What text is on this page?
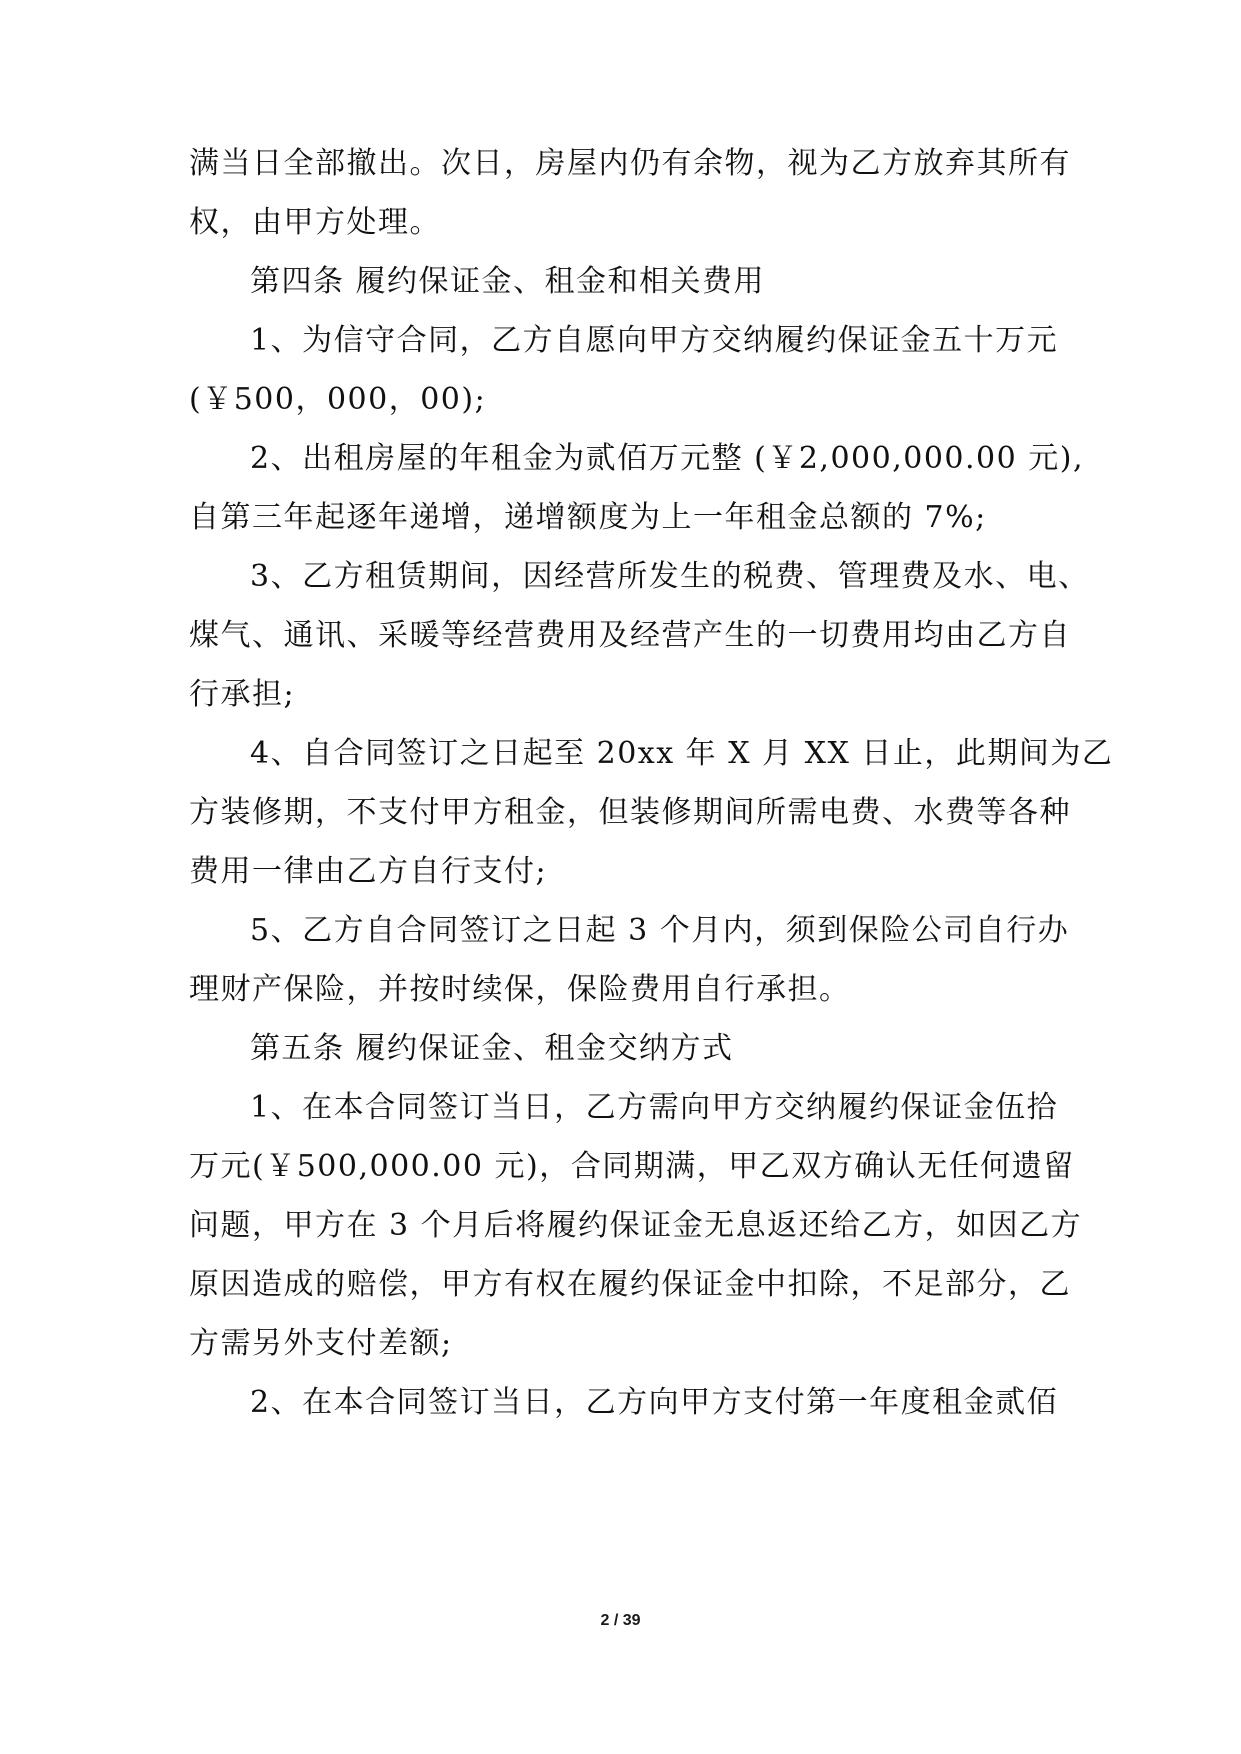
满当日全部撤出。次日，房屋内仍有余物，视为乙方放弃其所有
权，由甲方处理。
第四条 履约保证金、租金和相关费用
1、为信守合同，乙方自愿向甲方交纳履约保证金五十万元
(￥500，000，00);
2、出租房屋的年租金为贰佰万元整 (￥2,000,000.00 元),
自第三年起逐年递增，递增额度为上一年租金总额的 7%;
3、乙方租赁期间，因经营所发生的税费、管理费及水、电、
煤气、通讯、采暖等经营费用及经营产生的一切费用均由乙方自
行承担;
4、自合同签订之日起至 20xx 年 X 月 XX 日止，此期间为乙
方装修期，不支付甲方租金，但装修期间所需电费、水费等各种
费用一律由乙方自行支付;
5、乙方自合同签订之日起 3 个月内，须到保险公司自行办
理财产保险，并按时续保，保险费用自行承担。
第五条 履约保证金、租金交纳方式
1、在本合同签订当日，乙方需向甲方交纳履约保证金伍拾
万元(￥500,000.00 元)，合同期满，甲乙双方确认无任何遗留
问题，甲方在 3 个月后将履约保证金无息返还给乙方，如因乙方
原因造成的赔偿，甲方有权在履约保证金中扣除，不足部分，乙
方需另外支付差额;
2、在本合同签订当日，乙方向甲方支付第一年度租金贰佰
2 / 39
